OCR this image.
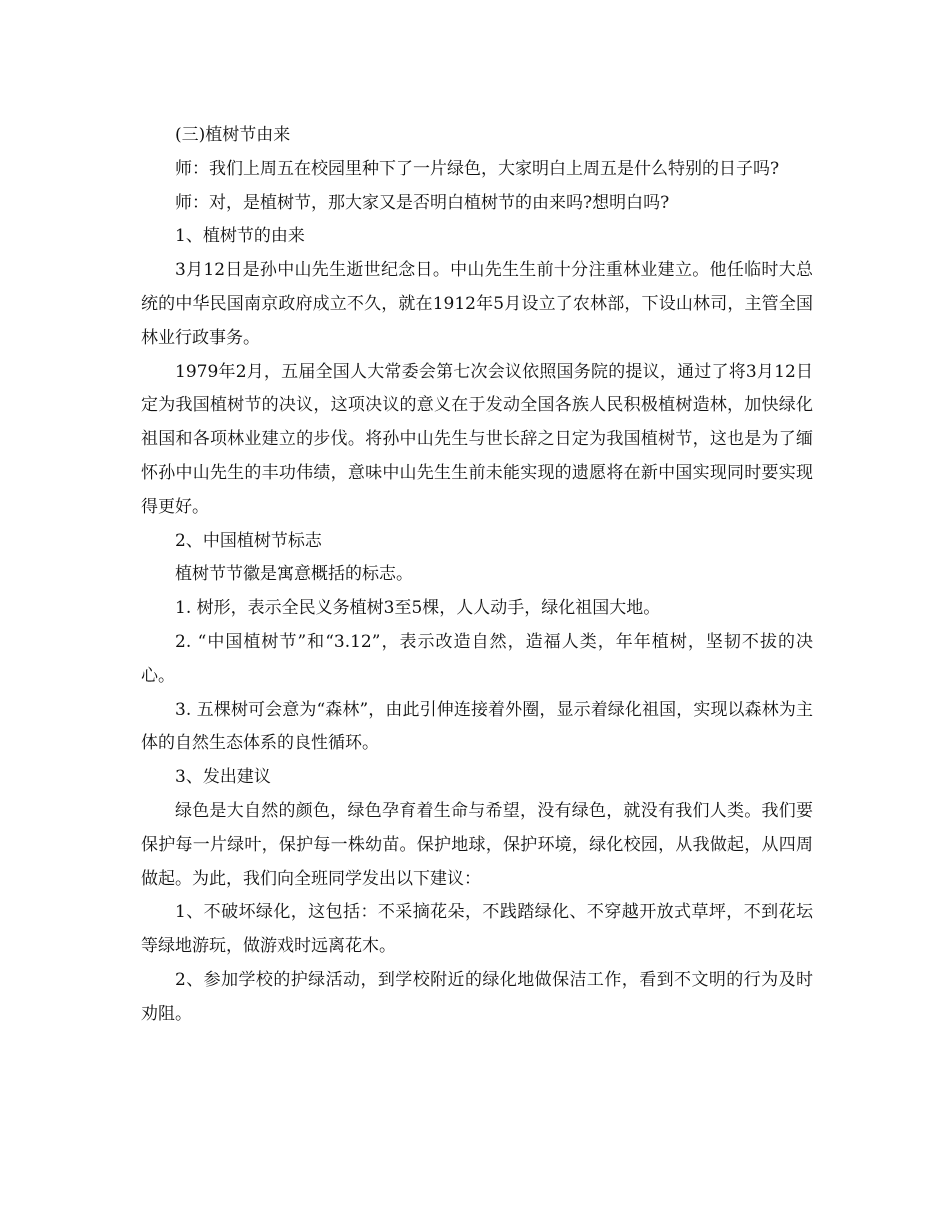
(三)植树节由来

师：我们上周五在校园里种下了一片绿色，大家明白上周五是什么特别的日子吗?

师：对，是植树节，那大家又是否明白植树节的由来吗?想明白吗?

1、植树节的由来

3月12日是孙中山先生逝世纪念日。中山先生生前十分注重林业建立。他任临时大总统的中华民国南京政府成立不久，就在1912年5月设立了农林部，下设山林司，主管全国林业行政事务。

1979年2月，五届全国人大常委会第七次会议依照国务院的提议，通过了将3月12日定为我国植树节的决议，这项决议的意义在于发动全国各族人民积极植树造林，加快绿化祖国和各项林业建立的步伐。将孙中山先生与世长辞之日定为我国植树节，这也是为了缅怀孙中山先生的丰功伟绩，意味中山先生生前未能实现的遗愿将在新中国实现同时要实现得更好。

2、中国植树节标志

植树节节徽是寓意概括的标志。

1. 树形，表示全民义务植树3至5棵，人人动手，绿化祖国大地。

2. “中国植树节”和“3.12”，表示改造自然，造福人类，年年植树，坚韧不拔的决心。

3. 五棵树可会意为“森林”，由此引伸连接着外圈，显示着绿化祖国，实现以森林为主体的自然生态体系的良性循环。

3、发出建议

绿色是大自然的颜色，绿色孕育着生命与希望，没有绿色，就没有我们人类。我们要保护每一片绿叶，保护每一株幼苗。保护地球，保护环境，绿化校园，从我做起，从四周做起。为此，我们向全班同学发出以下建议：

1、不破坏绿化，这包括：不采摘花朵，不践踏绿化、不穿越开放式草坪，不到花坛等绿地游玩，做游戏时远离花木。

2、参加学校的护绿活动，到学校附近的绿化地做保洁工作，看到不文明的行为及时劝阻。
